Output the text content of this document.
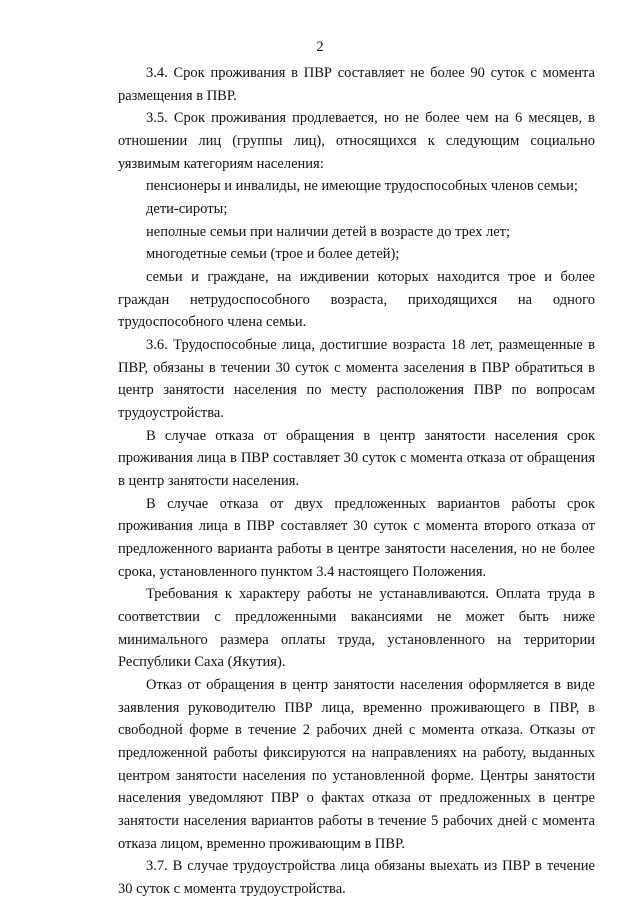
2
3.4. Срок проживания в ПВР составляет не более 90 суток с момента
размещения в ПВР.
3.5. Срок проживания продлевается, но не более чем на 6 месяцев, в
отношении лиц (группы лиц), относящихся к следующим социально
уязвимым категориям населения:
пенсионеры и инвалиды, не имеющие трудоспособных членов семьи;
дети-сироты;
неполные семьи при наличии детей в возрасте до трех лет;
многодетные семьи (трое и более детей);
семьи и граждане, на иждивении которых находится трое и более
граждан нетрудоспособного возраста, приходящихся на одного
трудоспособного члена семьи.
3.6. Трудоспособные лица, достигшие возраста 18 лет, размещенные в
ПВР, обязаны в течении 30 суток с момента заселения в ПВР обратиться в
центр занятости населения по месту расположения ПВР по вопросам
трудоустройства.
В случае отказа от обращения в центр занятости населения срок
проживания лица в ПВР составляет 30 суток с момента отказа от обращения
в центр занятости населения.
В случае отказа от двух предложенных вариантов работы срок
проживания лица в ПВР составляет 30 суток с момента второго отказа от
предложенного варианта работы в центре занятости населения, но не более
срока, установленного пунктом 3.4 настоящего Положения.
Требования к характеру работы не устанавливаются. Оплата труда в
соответствии с предложенными вакансиями не может быть ниже
минимального размера оплаты труда, установленного на территории
Республики Саха (Якутия).
Отказ от обращения в центр занятости населения оформляется в виде
заявления руководителю ПВР лица, временно проживающего в ПВР, в
свободной форме в течение 2 рабочих дней с момента отказа. Отказы от
предложенной работы фиксируются на направлениях на работу, выданных
центром занятости населения по установленной форме. Центры занятости
населения уведомляют ПВР о фактах отказа от предложенных в центре
занятости населения вариантов работы в течение 5 рабочих дней с момента
отказа лицом, временно проживающим в ПВР.
3.7. В случае трудоустройства лица обязаны выехать из ПВР в течение
30 суток с момента трудоустройства.
